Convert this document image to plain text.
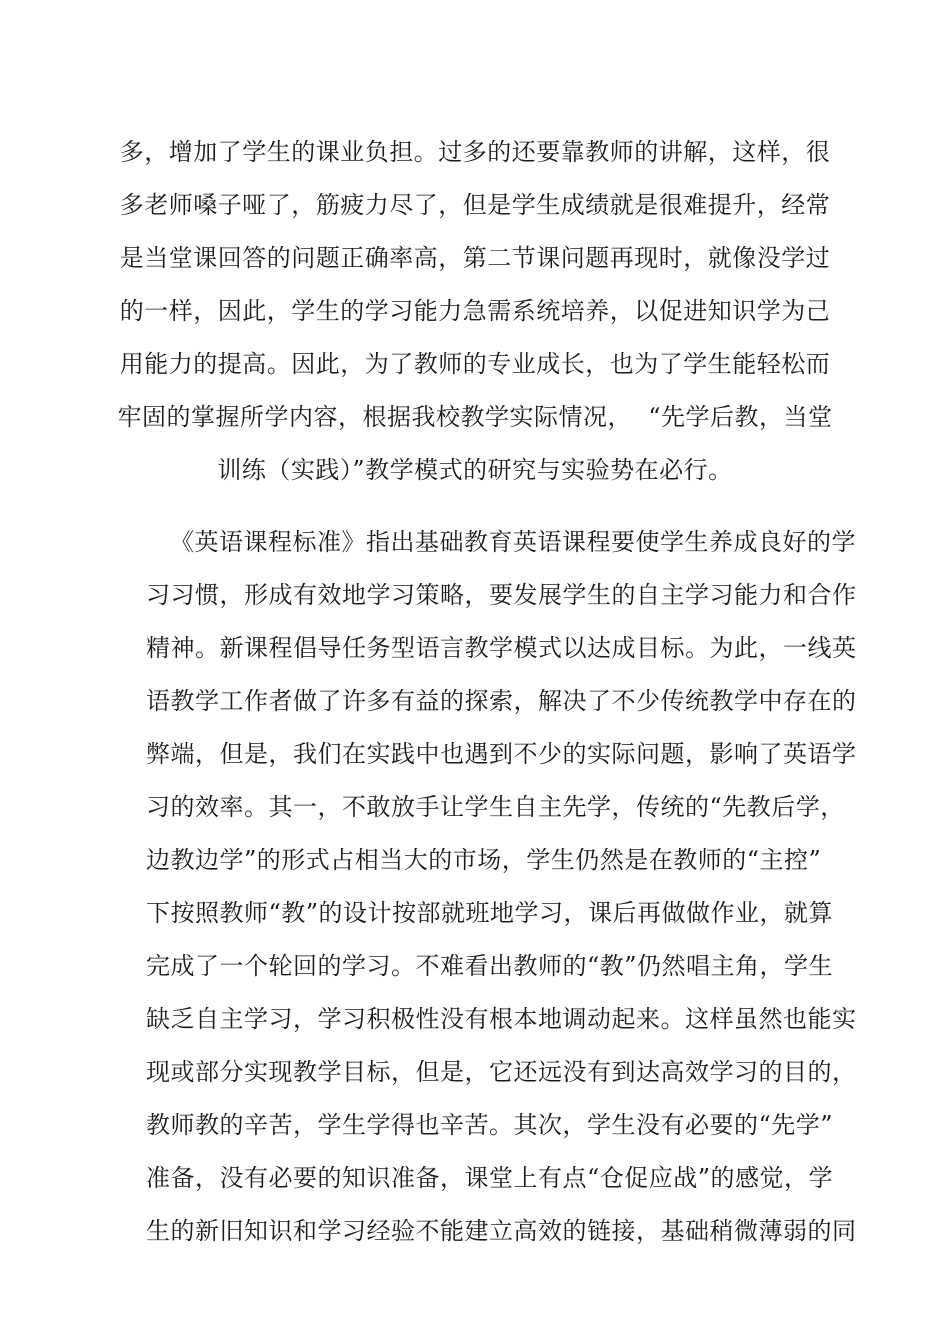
多，增加了学生的课业负担。过多的还要靠教师的讲解，这样，很
多老师嗓子哑了，筋疲力尽了，但是学生成绩就是很难提升，经常
是当堂课回答的问题正确率高，第二节课问题再现时，就像没学过
的一样，因此，学生的学习能力急需系统培养，以促进知识学为己
用能力的提高。因此，为了教师的专业成长，也为了学生能轻松而
牢固的掌握所学内容，根据我校教学实际情况，  “先学后教，当堂
训练（实践）”教学模式的研究与实验势在必行。
《英语课程标准》指出基础教育英语课程要使学生养成良好的学
习习惯，形成有效地学习策略，要发展学生的自主学习能力和合作
精神。新课程倡导任务型语言教学模式以达成目标。为此，一线英
语教学工作者做了许多有益的探索，解决了不少传统教学中存在的
弊端，但是，我们在实践中也遇到不少的实际问题，影响了英语学
习的效率。其一，不敢放手让学生自主先学，传统的“先教后学，
边教边学”的形式占相当大的市场，学生仍然是在教师的“主控”
下按照教师“教”的设计按部就班地学习，课后再做做作业，就算
完成了一个轮回的学习。不难看出教师的“教”仍然唱主角，学生
缺乏自主学习，学习积极性没有根本地调动起来。这样虽然也能实
现或部分实现教学目标，但是，它还远没有到达高效学习的目的，
教师教的辛苦，学生学得也辛苦。其次，学生没有必要的“先学”
准备，没有必要的知识准备，课堂上有点“仓促应战”的感觉，学
生的新旧知识和学习经验不能建立高效的链接，基础稍微薄弱的同
